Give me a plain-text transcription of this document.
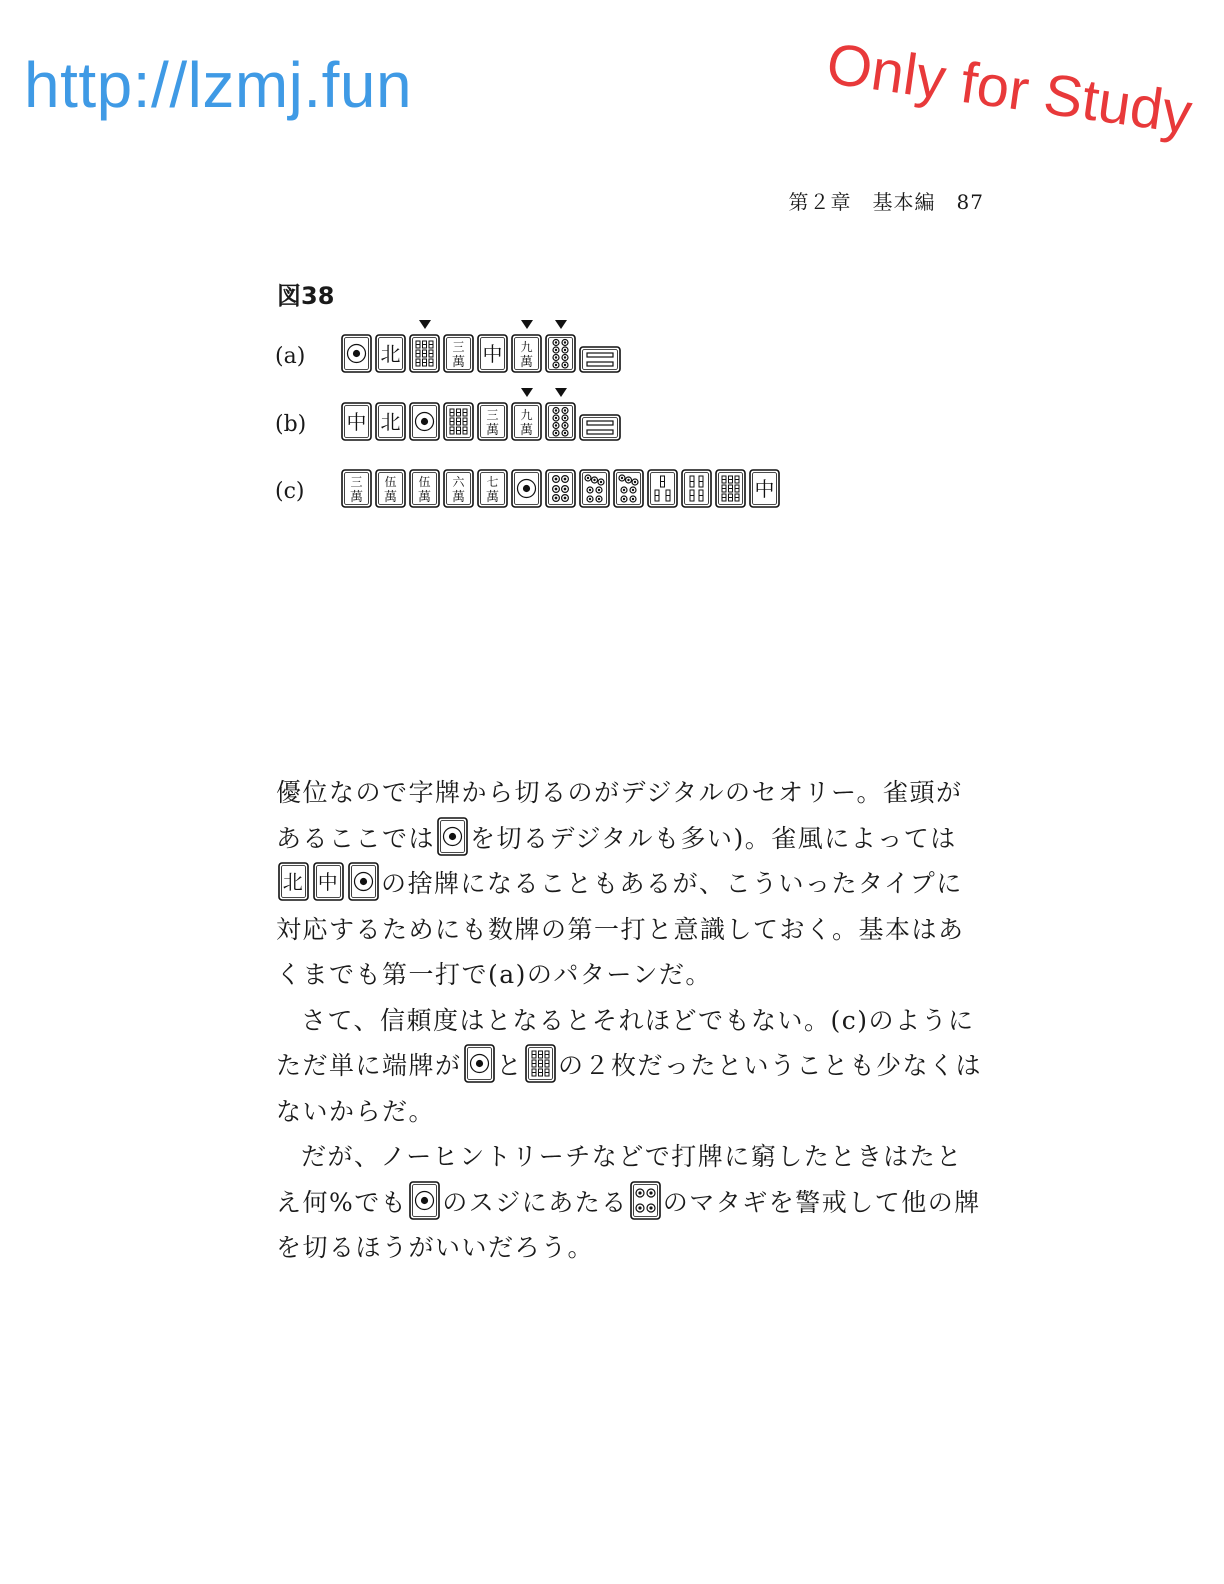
http://lzmj.fun	Only for Study
第２章　基本編　87
図38
(a)	北	三
萬 中 九
萬
(b) 中 北	三
萬
九
萬
(c)	三
萬
伍
萬
伍
萬
六
萬
七
萬	中

優位なので字牌から切るのがデジタルのセオリー。雀頭があるここでは を切るデジタルも多い)。雀風によっては
北 中 の捨牌になることもあるが、こういったタイプに対応するためにも数牌の第一打と意識しておく。基本はあくまでも第一打で(a)のパターンだ。

さて、信頼度はとなるとそれほどでもない。(c)のようにただ単に端牌が と の２枚だったということも少なくはないからだ。

だが、ノーヒントリーチなどで打牌に窮したときはたとえ何%でも のスジにあたる のマタギを警戒して他の牌を切るほうがいいだろう。
